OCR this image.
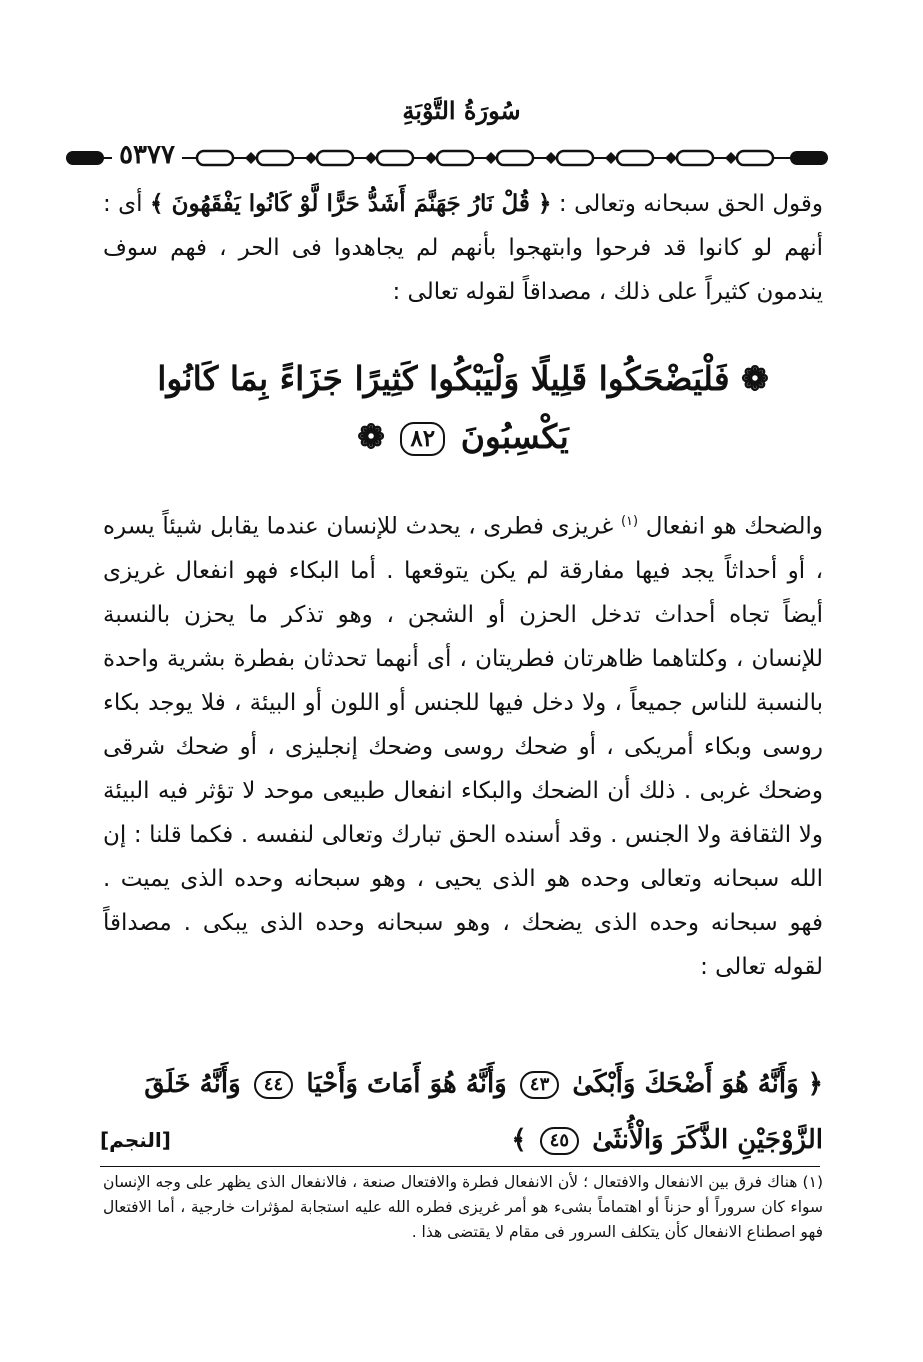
سُورَةُ التَّوْبَةِ
٥٣٧٧
وقول الحق سبحانه وتعالى : ﴿ قُلْ نَارُ جَهَنَّمَ أَشَدُّ حَرًّا لَّوْ كَانُوا يَفْقَهُونَ ﴾ أى : أنهم لو كانوا قد فرحوا وابتهجوا بأنهم لم يجاهدوا فى الحر ، فهم سوف يندمون كثيراً على ذلك ، مصداقاً لقوله تعالى :
❁ فَلْيَضْحَكُوا قَلِيلًا وَلْيَبْكُوا كَثِيرًا جَزَاءً بِمَا كَانُوا
يَكْسِبُونَ ٨٢ ❁
والضحك هو انفعال $^{(١)}$ غريزى فطرى ، يحدث للإنسان عندما يقابل شيئاً يسره ، أو أحداثاً يجد فيها مفارقة لم يكن يتوقعها . أما البكاء فهو انفعال غريزى أيضاً تجاه أحداث تدخل الحزن أو الشجن ، وهو تذكر ما يحزن بالنسبة للإنسان ، وكلتاهما ظاهرتان فطريتان ، أى أنهما تحدثان بفطرة بشرية واحدة بالنسبة للناس جميعاً ، ولا دخل فيها للجنس أو اللون أو البيئة ، فلا يوجد بكاء روسى وبكاء أمريكى ، أو ضحك روسى وضحك إنجليزى ، أو ضحك شرقى وضحك غربى . ذلك أن الضحك والبكاء انفعال طبيعى موحد لا تؤثر فيه البيئة ولا الثقافة ولا الجنس . وقد أسنده الحق تبارك وتعالى لنفسه . فكما قلنا : إن الله سبحانه وتعالى وحده هو الذى يحيى ، وهو سبحانه وحده الذى يميت . فهو سبحانه وحده الذى يضحك ، وهو سبحانه وحده الذى يبكى . مصداقاً لقوله تعالى :
﴿ وَأَنَّهُ هُوَ أَضْحَكَ وَأَبْكَىٰ ٤٣ وَأَنَّهُ هُوَ أَمَاتَ وَأَحْيَا ٤٤ وَأَنَّهُ خَلَقَ الزَّوْجَيْنِ الذَّكَرَ وَالْأُنثَىٰ ٤٥ ﴾
[النجم]
(١) هناك فرق بين الانفعال والافتعال ؛ لأن الانفعال فطرة والافتعال صنعة ، فالانفعال الذى يظهر على وجه الإنسان سواء كان سروراً أو حزناً أو اهتماماً بشىء هو أمر غريزى فطره الله عليه استجابة لمؤثرات خارجية ، أما الافتعال فهو اصطناع الانفعال كأن يتكلف السرور فى مقام لا يقتضى هذا .
